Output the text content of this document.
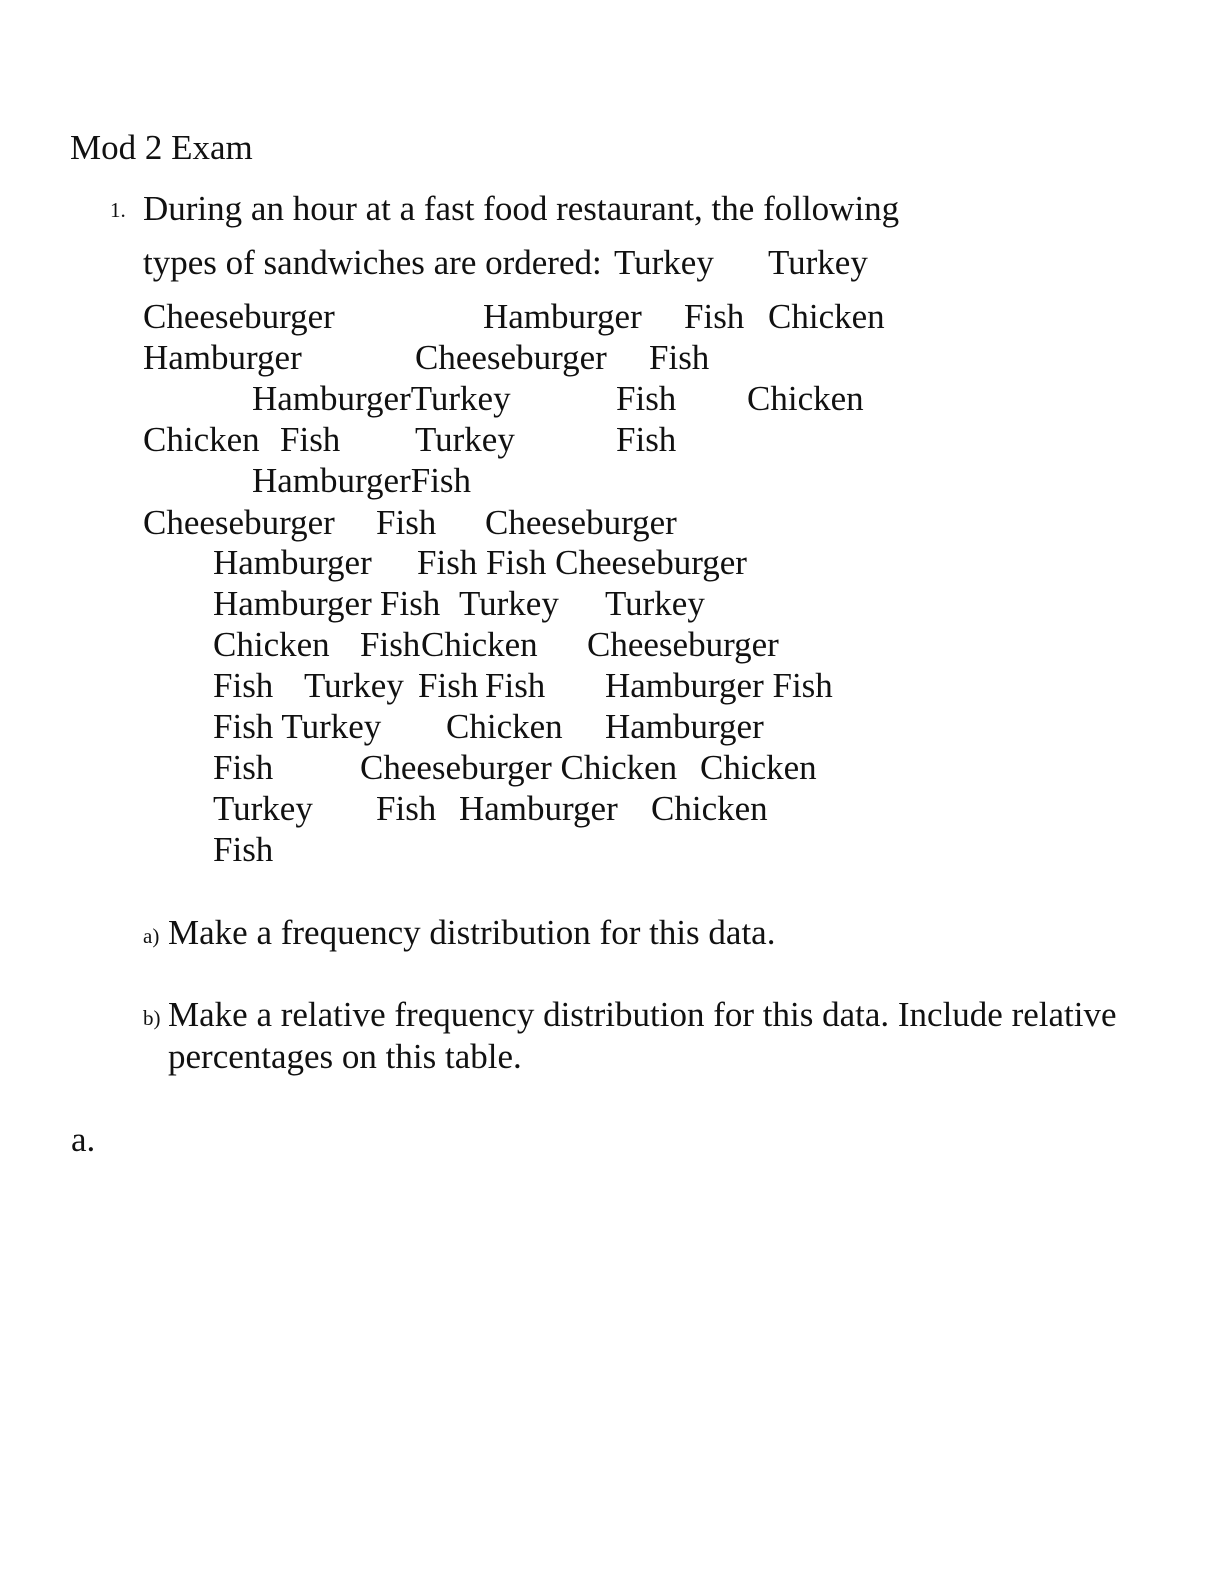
Mod 2 Exam
1. During an hour at a fast food restaurant, the following
types of sandwiches are ordered: Turkey Turkey
Cheeseburger	Hamburger Fish Chicken
Hamburger	Cheeseburger Fish
HamburgerTurkey	Fish Chicken
Chicken Fish Turkey	Fish
HamburgerFish
Cheeseburger Fish Cheeseburger
Hamburger Fish Fish Cheeseburger
Hamburger Fish Turkey Turkey
Chicken Fish Chicken Cheeseburger
Fish Turkey Fish Fish Hamburger Fish
Fish Turkey Chicken Hamburger
Fish Cheeseburger Chicken Chicken
Turkey Fish Hamburger Chicken
Fish
a) Make a frequency distribution for this data.
b) Make a relative frequency distribution for this data. Include relative
percentages on this table.
a.
